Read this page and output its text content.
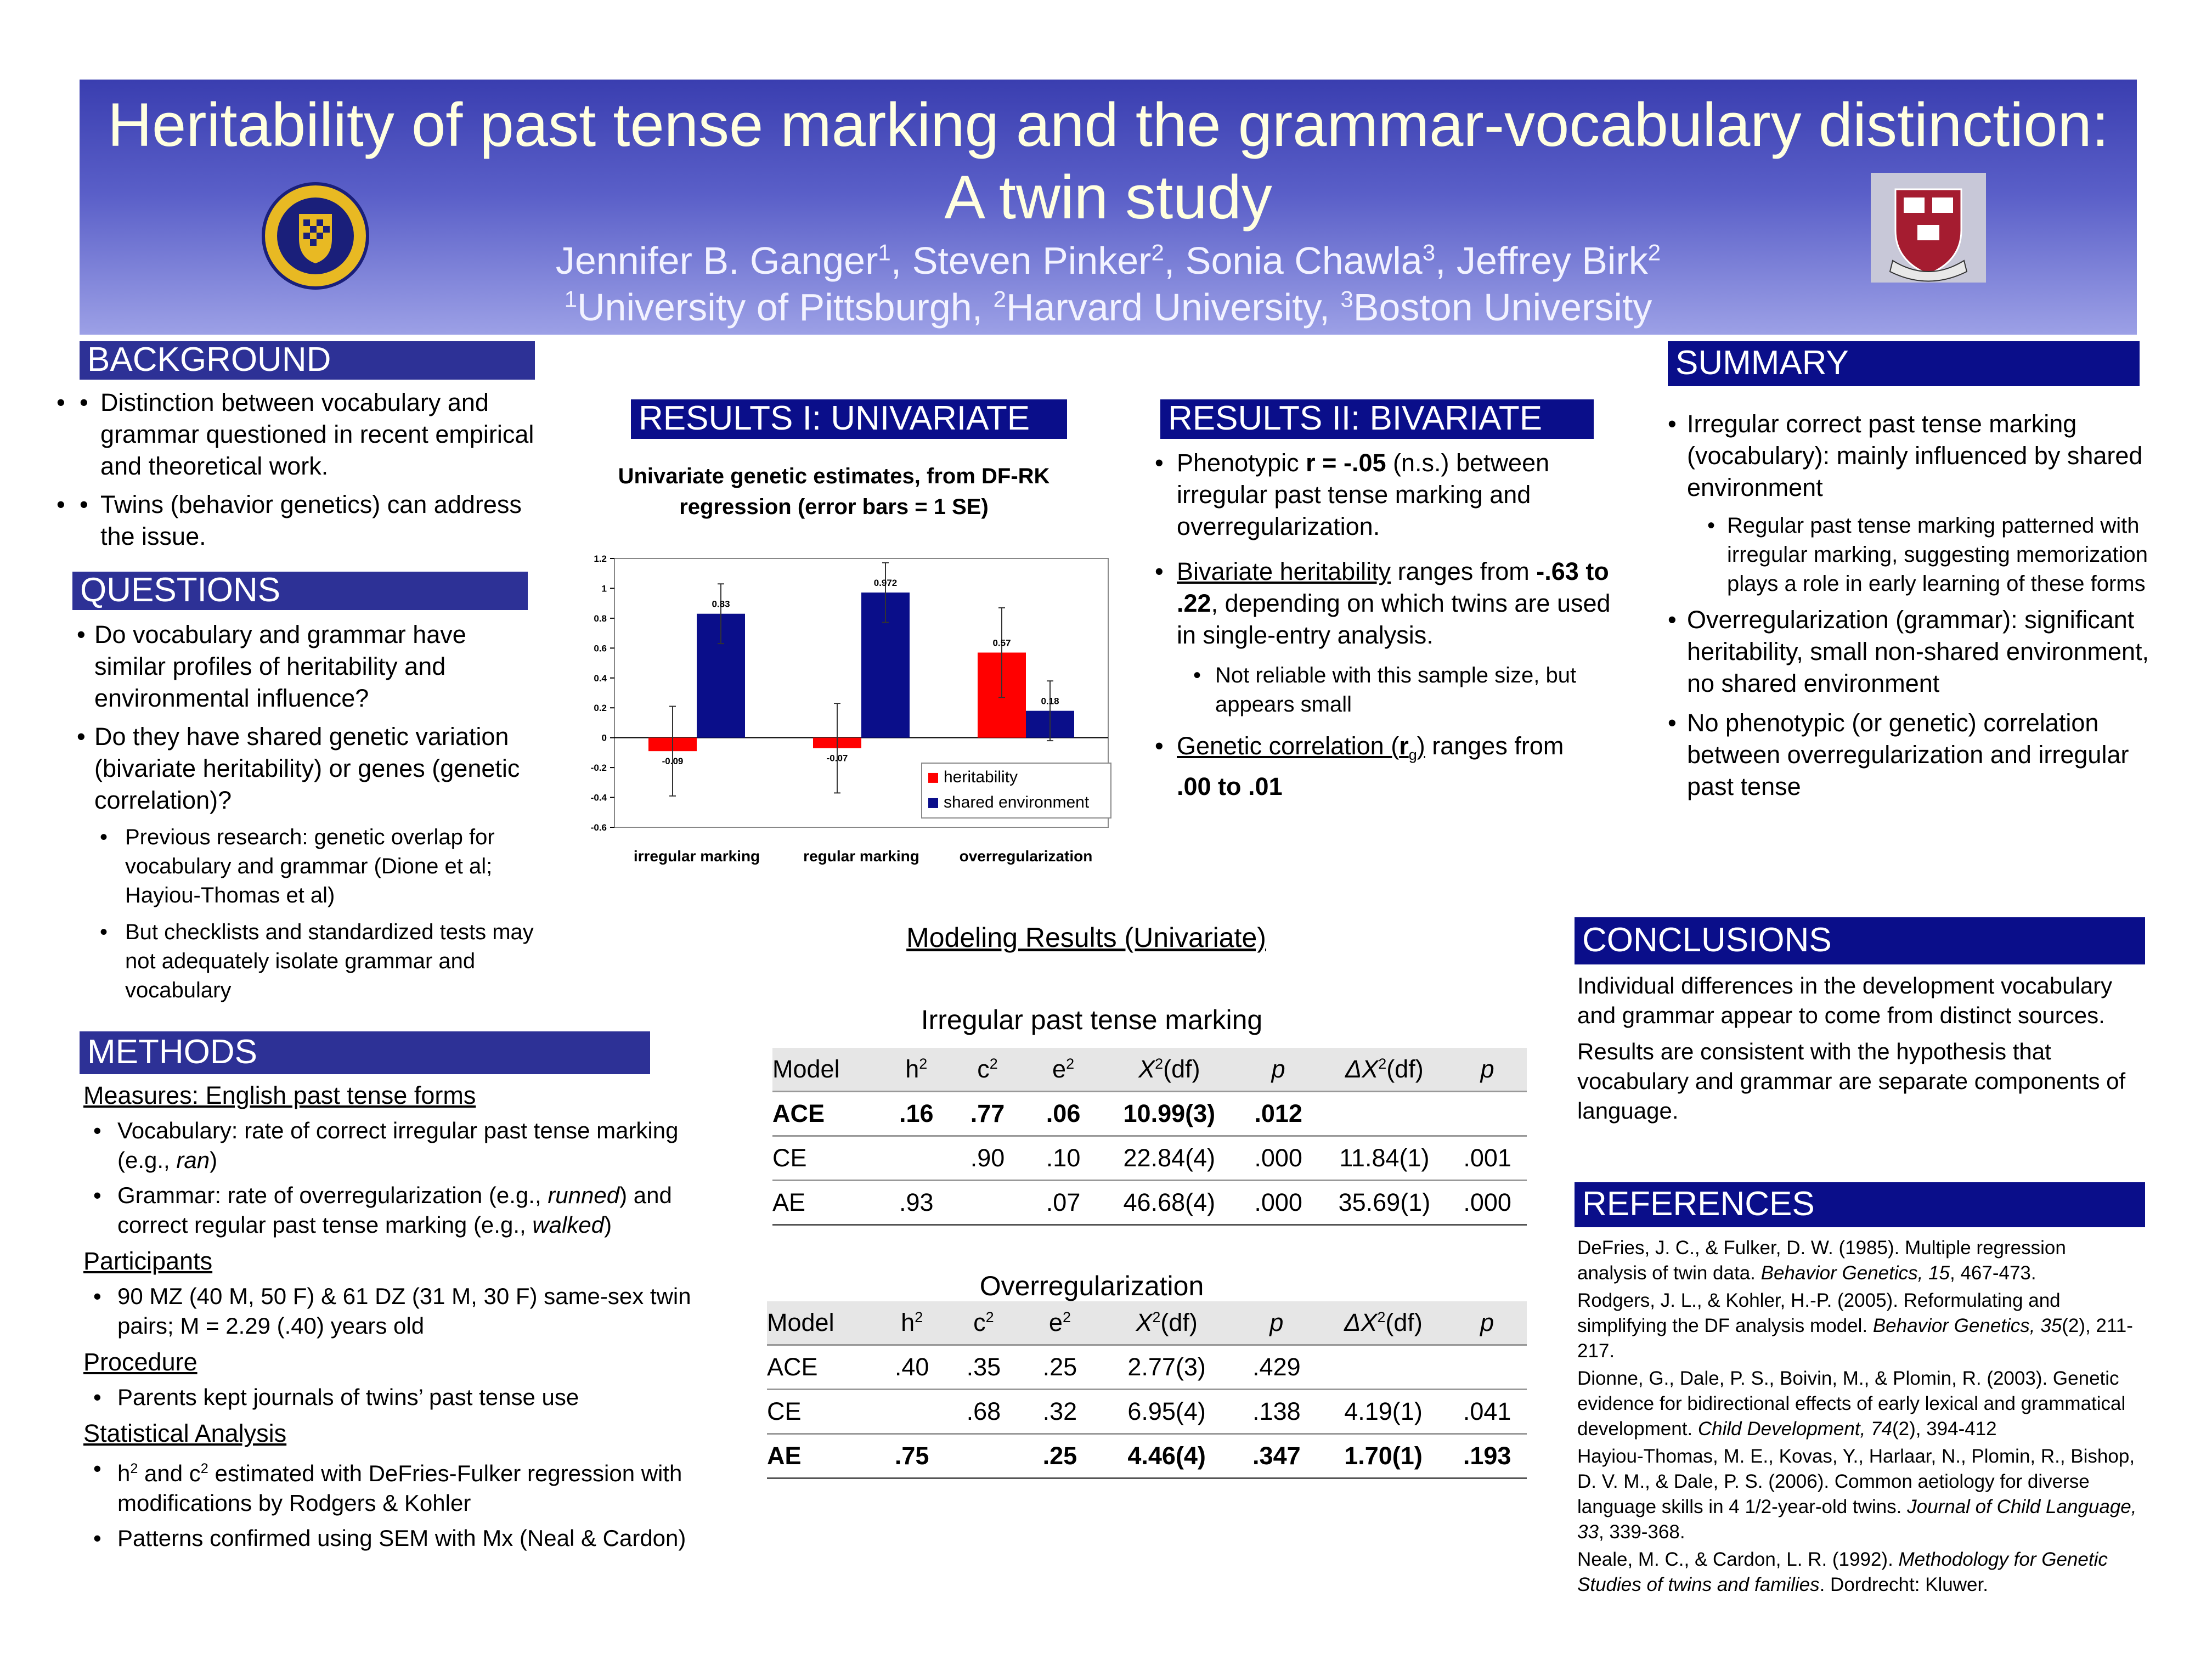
Heritability of past tense marking and the grammar-vocabulary distinction:
A twin study
Jennifer B. Ganger$^1$, Steven Pinker$^2$, Sonia Chawla$^3$, Jeffrey Birk$^2$
$^1$University of Pittsburgh, $^2$Harvard University, $^3$Boston University
BACKGROUND
• • Distinction between vocabulary and grammar questioned in recent empirical and theoretical work.
• • Twins (behavior genetics) can address the issue.
QUESTIONS
• Do vocabulary and grammar have similar profiles of heritability and environmental influence?
• Do they have shared genetic variation (bivariate heritability) or genes (genetic correlation)?
• Previous research: genetic overlap for vocabulary and grammar (Dione et al; Hayiou-Thomas et al)
• But checklists and standardized tests may not adequately isolate grammar and vocabulary
METHODS
Measures: English past tense forms
• Vocabulary: rate of correct irregular past tense marking (e.g., ran)
• Grammar: rate of overregularization (e.g., runned) and correct regular past tense marking (e.g., walked)
Participants
• 90 MZ (40 M, 50 F) & 61 DZ (31 M, 30 F) same-sex twin pairs; M = 2.29 (.40) years old
Procedure
• Parents kept journals of twins’ past tense use
Statistical Analysis
• $h^2$ and $c^2$ estimated with DeFries-Fulker regression with modifications by Rodgers & Kohler
• Patterns confirmed using SEM with Mx (Neal & Cardon)
RESULTS I: UNIVARIATE
Univariate genetic estimates, from DF-RK regression (error bars = 1 SE)
1.2
1
0.8
0.6
0.4
0.2
0
-0.2
-0.4
-0.6
irregular marking
-0.09
0.83
regular marking
-0.07
0.972
overregularization
0.57
0.18
heritability
shared environment
RESULTS II: BIVARIATE
• Phenotypic r = -.05 (n.s.) between irregular past tense marking and overregularization.
• Bivariate heritability ranges from -.63 to .22, depending on which twins are used in single-entry analysis.
• Not reliable with this sample size, but appears small
• Genetic correlation $(r_g)$ ranges from
.00 to .01
Modeling Results (Univariate)
Irregular past tense marking
Model	$h^2$	$c^2$	$e^2$	$X^2(df)$	p	$\Delta X^2(df)$	p
ACE	.16	.77	.06	10.99(3)	.012		
CE		.90	.10	22.84(4)	.000	11.84(1)	.001
AE	.93		.07	46.68(4)	.000	35.69(1)	.000
Overregularization
Model	$h^2$	$c^2$	$e^2$	$X^2(df)$	p	$\Delta X^2(df)$	p
ACE	.40	.35	.25	2.77(3)	.429		
CE		.68	.32	6.95(4)	.138	4.19(1)	.041
AE	.75		.25	4.46(4)	.347	1.70(1)	.193
SUMMARY
• Irregular correct past tense marking (vocabulary): mainly influenced by shared environment
• Regular past tense marking patterned with irregular marking, suggesting memorization plays a role in early learning of these forms
• Overregularization (grammar): significant heritability, small non-shared environment, no shared environment
• No phenotypic (or genetic) correlation between overregularization and irregular past tense
CONCLUSIONS

Individual differences in the development vocabulary and grammar appear to come from distinct sources.

Results are consistent with the hypothesis that vocabulary and grammar are separate components of language.

REFERENCES

DeFries, J. C., & Fulker, D. W. (1985). Multiple regression analysis of twin data. Behavior Genetics, 15, 467-473.

Rodgers, J. L., & Kohler, H.-P. (2005). Reformulating and simplifying the DF analysis model. Behavior Genetics, 35(2), 211-217.

Dionne, G., Dale, P. S., Boivin, M., & Plomin, R. (2003). Genetic evidence for bidirectional effects of early lexical and grammatical development. Child Development, 74(2), 394-412

Hayiou-Thomas, M. E., Kovas, Y., Harlaar, N., Plomin, R., Bishop, D. V. M., & Dale, P. S. (2006). Common aetiology for diverse language skills in 4 1/2-year-old twins. Journal of Child Language, 33, 339-368.

Neale, M. C., & Cardon, L. R. (1992). Methodology for Genetic Studies of twins and families. Dordrecht: Kluwer.
